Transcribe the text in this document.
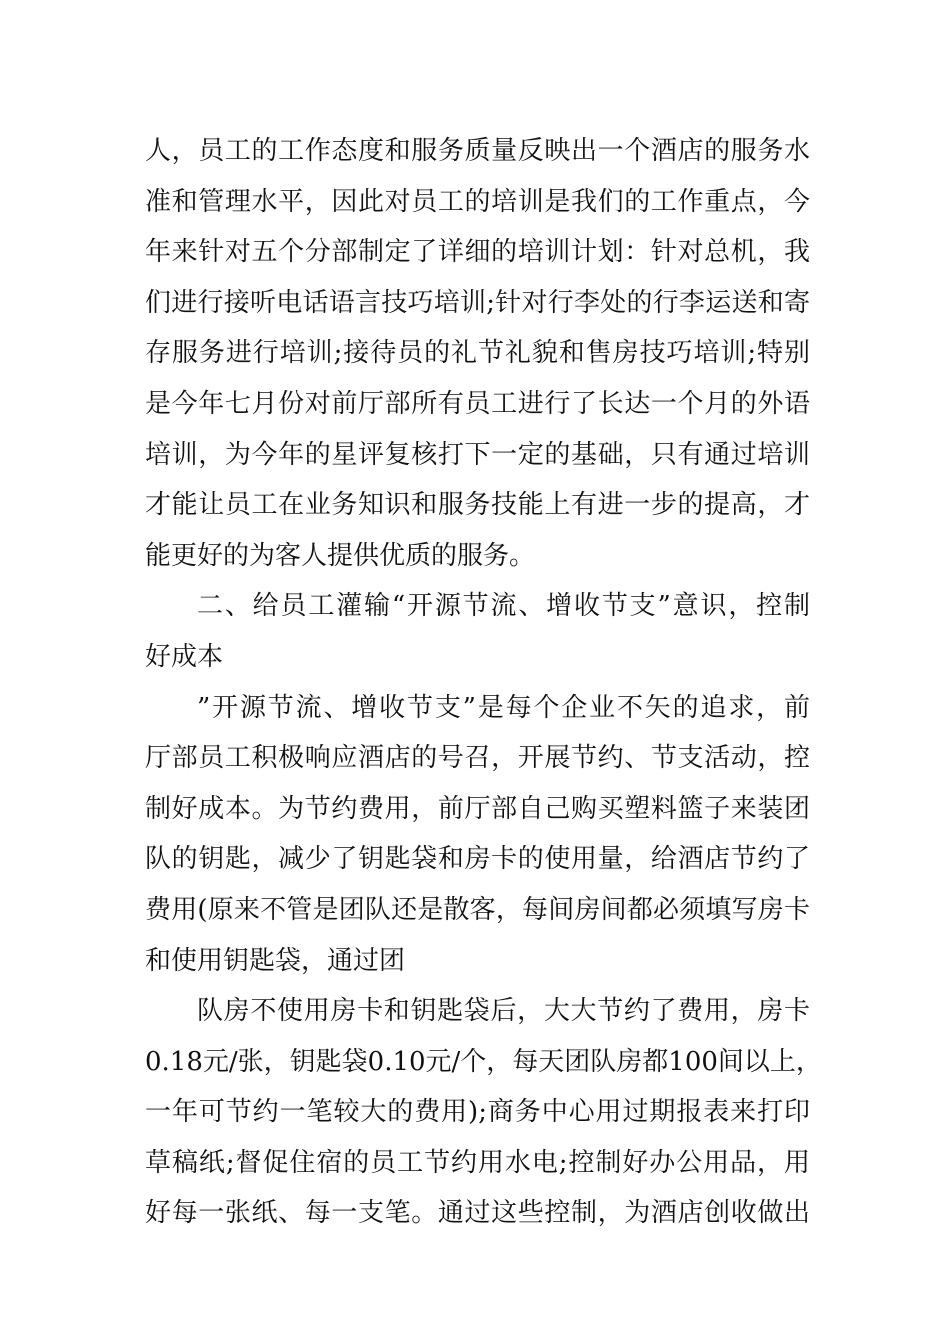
人，员工的工作态度和服务质量反映出一个酒店的服务水
准和管理水平，因此对员工的培训是我们的工作重点，今
年来针对五个分部制定了详细的培训计划：针对总机，我
们进行接听电话语言技巧培训;针对行李处的行李运送和寄
存服务进行培训;接待员的礼节礼貌和售房技巧培训;特别
是今年七月份对前厅部所有员工进行了长达一个月的外语
培训，为今年的星评复核打下一定的基础，只有通过培训
才能让员工在业务知识和服务技能上有进一步的提高，才
能更好的为客人提供优质的服务。
二、给员工灌输“开源节流、增收节支”意识，控制
好成本
”开源节流、增收节支”是每个企业不矢的追求，前
厅部员工积极响应酒店的号召，开展节约、节支活动，控
制好成本。为节约费用，前厅部自己购买塑料篮子来装团
队的钥匙，减少了钥匙袋和房卡的使用量，给酒店节约了
费用(原来不管是团队还是散客，每间房间都必须填写房卡
和使用钥匙袋，通过团
队房不使用房卡和钥匙袋后，大大节约了费用，房卡
0.18元/张，钥匙袋0.10元/个，每天团队房都100间以上，
一年可节约一笔较大的费用);商务中心用过期报表来打印
草稿纸;督促住宿的员工节约用水电;控制好办公用品，用
好每一张纸、每一支笔。通过这些控制，为酒店创收做出
